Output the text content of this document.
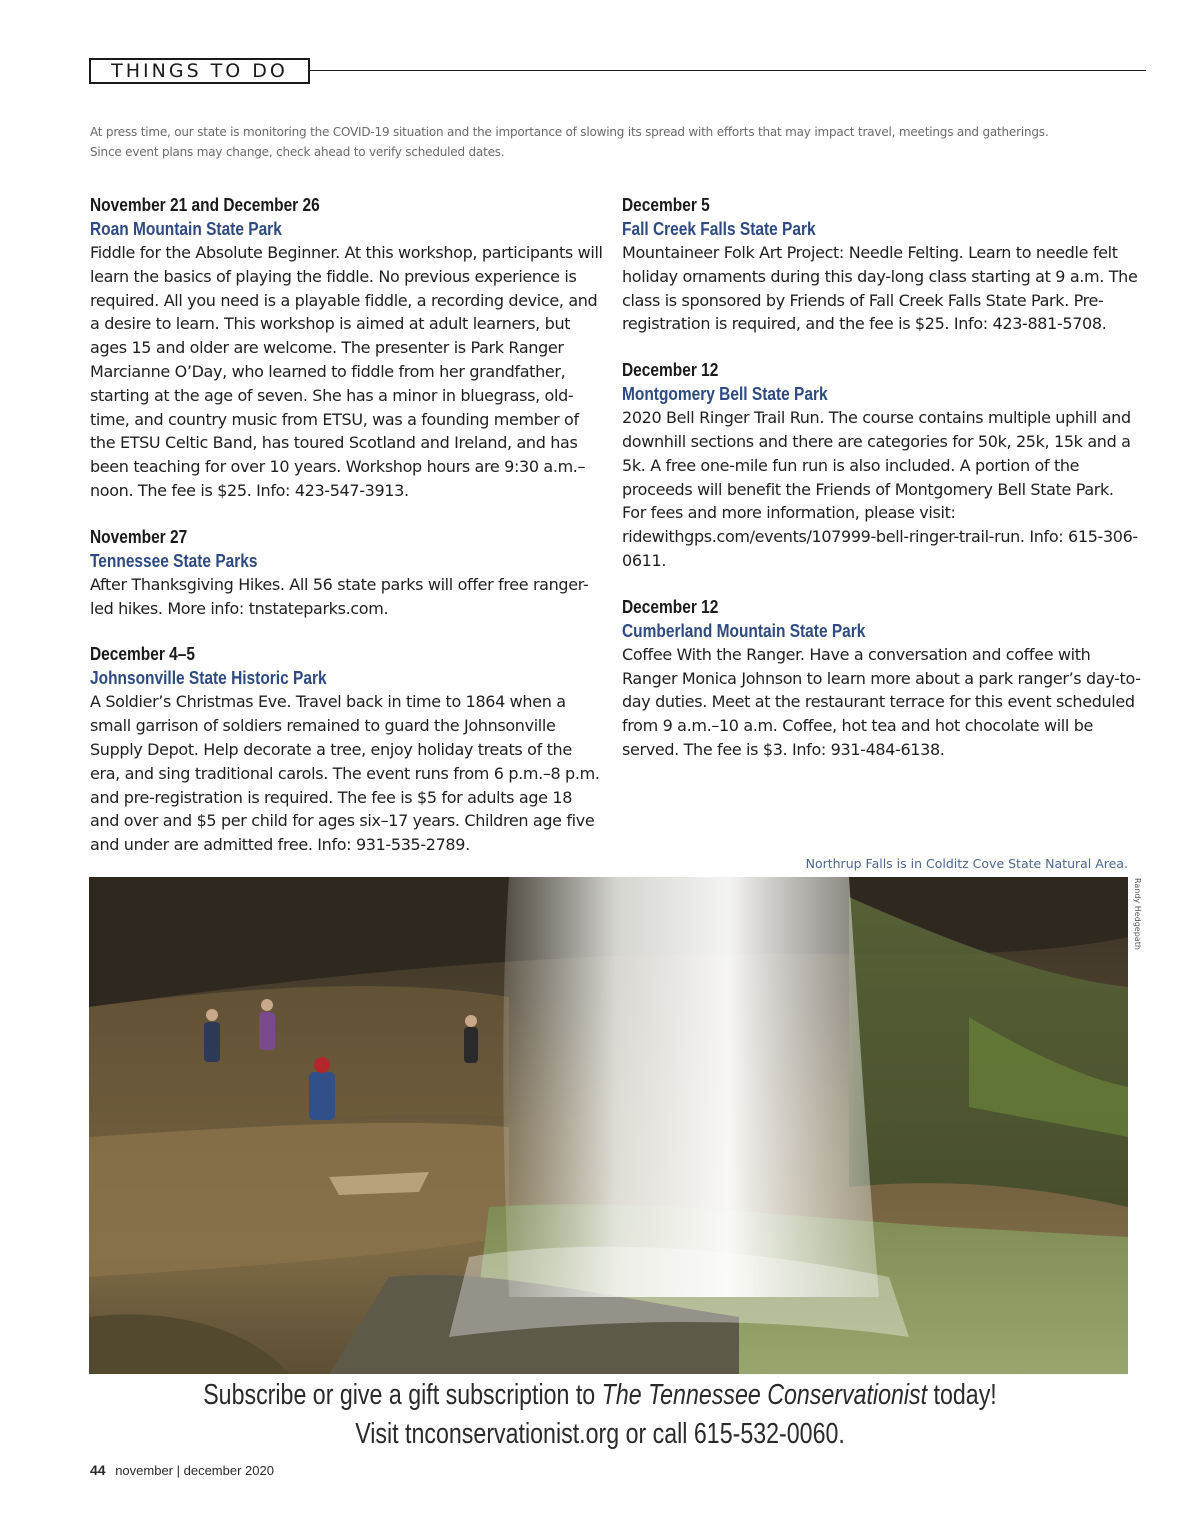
THINGS TO DO

At press time, our state is monitoring the COVID-19 situation and the importance of slowing its spread with efforts that may impact travel, meetings and gatherings.

Since event plans may change, check ahead to verify scheduled dates.

November 21 and December 26
Roan Mountain State Park

Fiddle for the Absolute Beginner. At this workshop, participants will learn the basics of playing the fiddle. No previous experience is required. All you need is a playable fiddle, a recording device, and a desire to learn. This workshop is aimed at adult learners, but ages 15 and older are welcome. The presenter is Park Ranger Marcianne O’Day, who learned to fiddle from her grandfather, starting at the age of seven. She has a minor in bluegrass, old-time, and country music from ETSU, was a founding member of the ETSU Celtic Band, has toured Scotland and Ireland, and has been teaching for over 10 years. Workshop hours are 9:30 a.m.–noon. The fee is $25. Info: 423-547-3913.

November 27
Tennessee State Parks

After Thanksgiving Hikes. All 56 state parks will offer free ranger-led hikes. More info: tnstateparks.com.

December 4–5
Johnsonville State Historic Park

A Soldier’s Christmas Eve. Travel back in time to 1864 when a small garrison of soldiers remained to guard the Johnsonville Supply Depot. Help decorate a tree, enjoy holiday treats of the era, and sing traditional carols. The event runs from 6 p.m.–8 p.m. and pre-registration is required. The fee is $5 for adults age 18 and over and $5 per child for ages six–17 years. Children age five and under are admitted free. Info: 931-535-2789.

December 5
Fall Creek Falls State Park

Mountaineer Folk Art Project: Needle Felting. Learn to needle felt holiday ornaments during this day-long class starting at 9 a.m. The class is sponsored by Friends of Fall Creek Falls State Park. Pre-registration is required, and the fee is $25. Info: 423-881-5708.

December 12
Montgomery Bell State Park

2020 Bell Ringer Trail Run. The course contains multiple uphill and downhill sections and there are categories for 50k, 25k, 15k and a 5k. A free one-mile fun run is also included. A portion of the proceeds will benefit the Friends of Montgomery Bell State Park. For fees and more information, please visit: ridewithgps.com/events/107999-bell-ringer-trail-run. Info: 615-306-0611.

December 12
Cumberland Mountain State Park

Coffee With the Ranger. Have a conversation and coffee with Ranger Monica Johnson to learn more about a park ranger’s day-to-day duties. Meet at the restaurant terrace for this event scheduled from 9 a.m.–10 a.m. Coffee, hot tea and hot chocolate will be served. The fee is $3. Info: 931-484-6138.

Northrup Falls is in Colditz Cove State Natural Area.
Randy Hedgepath
Subscribe or give a gift subscription to The Tennessee Conservationist today!
Visit tnconservationist.org or call 615-532-0060.
44 november | december 2020
